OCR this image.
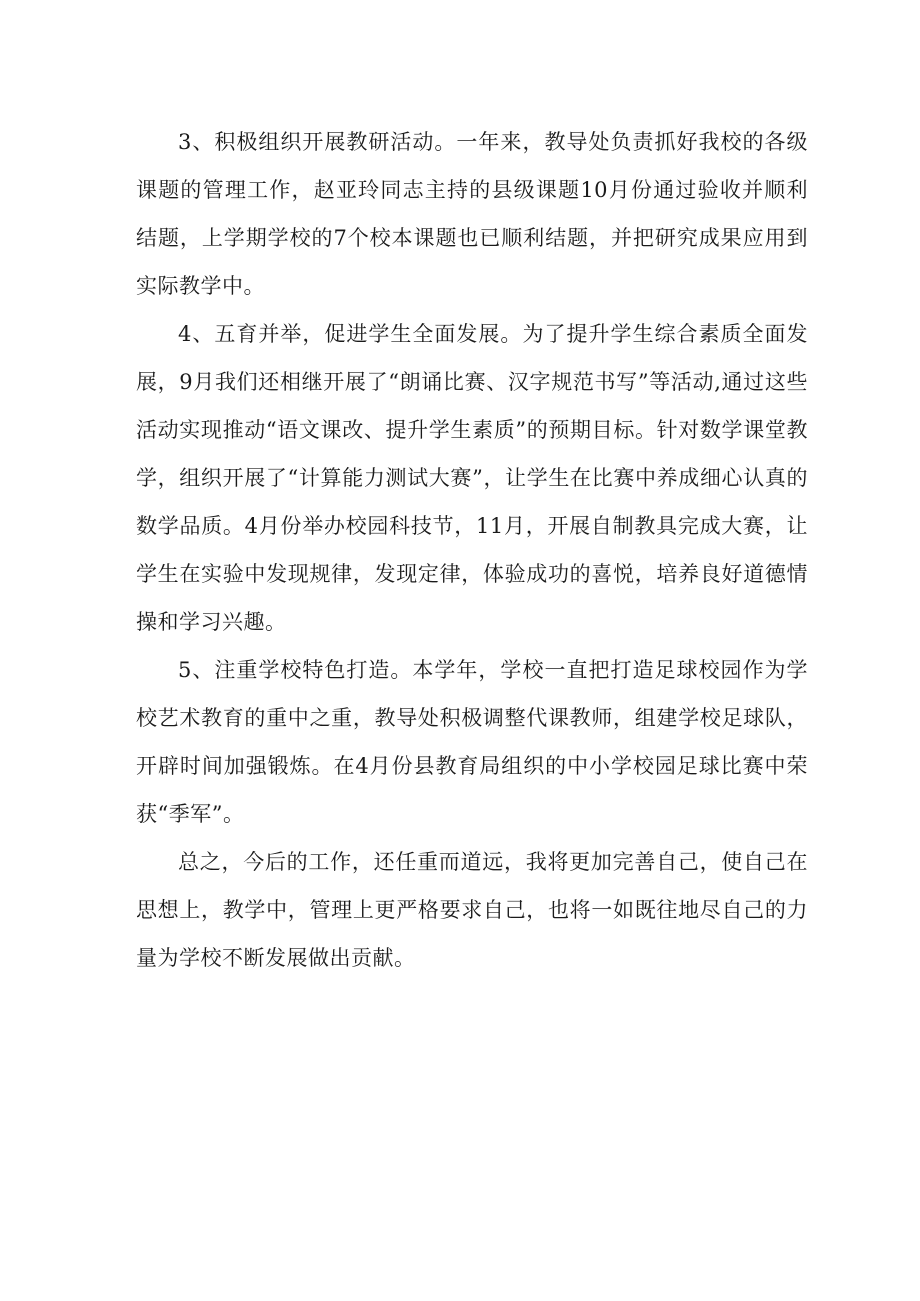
3、积极组织开展教研活动。一年来，教导处负责抓好我校的各级课题的管理工作，赵亚玲同志主持的县级课题10月份通过验收并顺利结题，上学期学校的7个校本课题也已顺利结题，并把研究成果应用到实际教学中。

4、五育并举，促进学生全面发展。为了提升学生综合素质全面发展，9月我们还相继开展了“朗诵比赛、汉字规范书写”等活动,通过这些活动实现推动“语文课改、提升学生素质”的预期目标。针对数学课堂教学，组织开展了“计算能力测试大赛”，让学生在比赛中养成细心认真的数学品质。4月份举办校园科技节，11月，开展自制教具完成大赛，让学生在实验中发现规律，发现定律，体验成功的喜悦，培养良好道德情操和学习兴趣。

5、注重学校特色打造。本学年，学校一直把打造足球校园作为学校艺术教育的重中之重，教导处积极调整代课教师，组建学校足球队，开辟时间加强锻炼。在4月份县教育局组织的中小学校园足球比赛中荣获“季军”。

总之，今后的工作，还任重而道远，我将更加完善自己，使自己在思想上，教学中，管理上更严格要求自己，也将一如既往地尽自己的力量为学校不断发展做出贡献。
